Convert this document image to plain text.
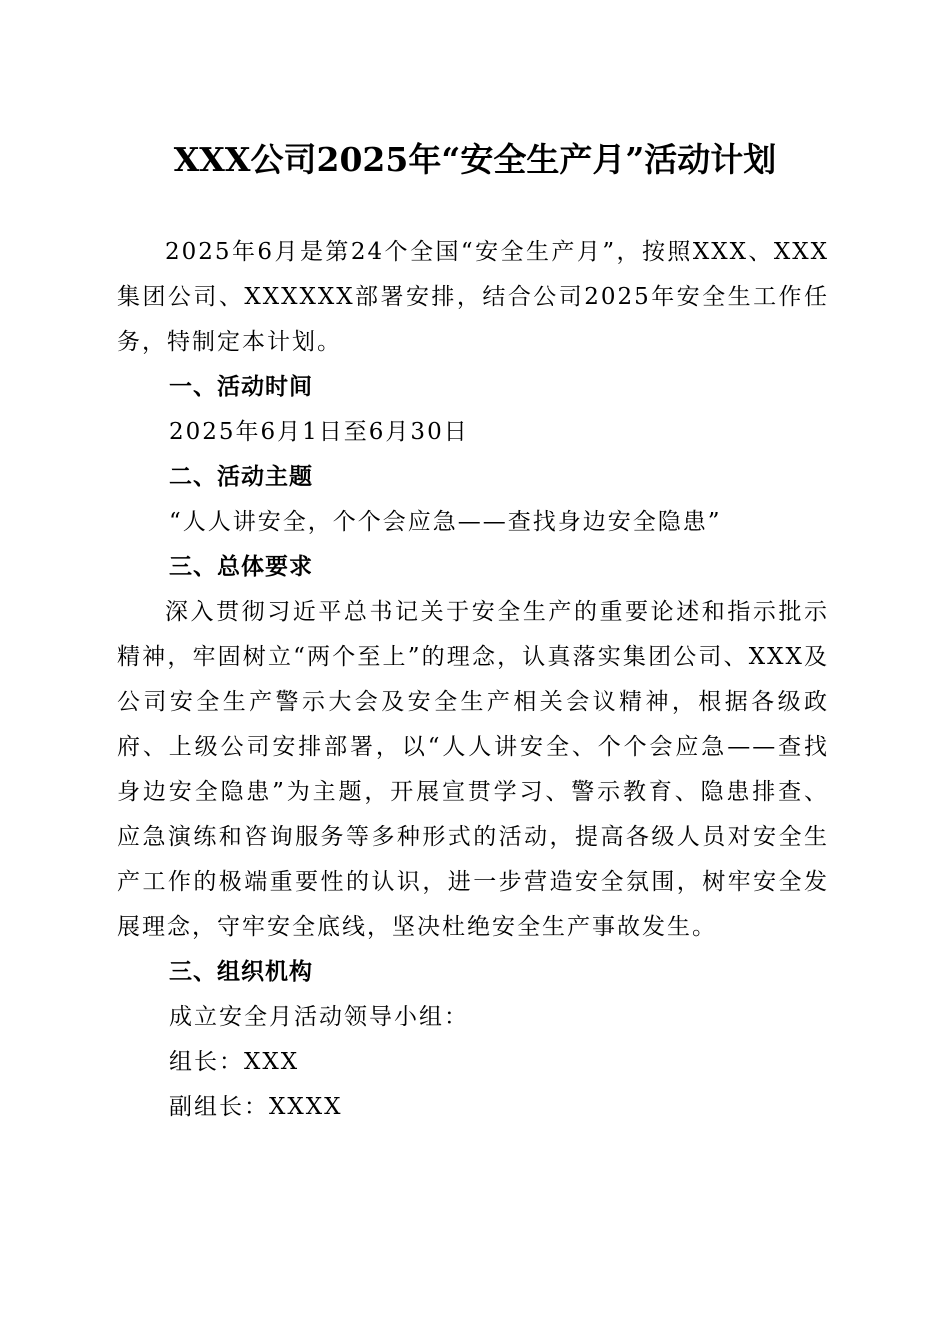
XXX公司2025年“安全生产月”活动计划

2025年6月是第24个全国“安全生产月”，按照XXX、XXX集团公司、XXXXXX部署安排，结合公司2025年安全生工作任务，特制定本计划。

一、活动时间

2025年6月1日至6月30日

二、活动主题

“人人讲安全，个个会应急——查找身边安全隐患”

三、总体要求

深入贯彻习近平总书记关于安全生产的重要论述和指示批示精神，牢固树立“两个至上”的理念，认真落实集团公司、XXX及公司安全生产警示大会及安全生产相关会议精神，根据各级政府、上级公司安排部署，以“人人讲安全、个个会应急——查找身边安全隐患”为主题，开展宣贯学习、警示教育、隐患排查、应急演练和咨询服务等多种形式的活动，提高各级人员对安全生产工作的极端重要性的认识，进一步营造安全氛围，树牢安全发展理念，守牢安全底线，坚决杜绝安全生产事故发生。

三、组织机构

成立安全月活动领导小组：

组长：XXX

副组长：XXXX
